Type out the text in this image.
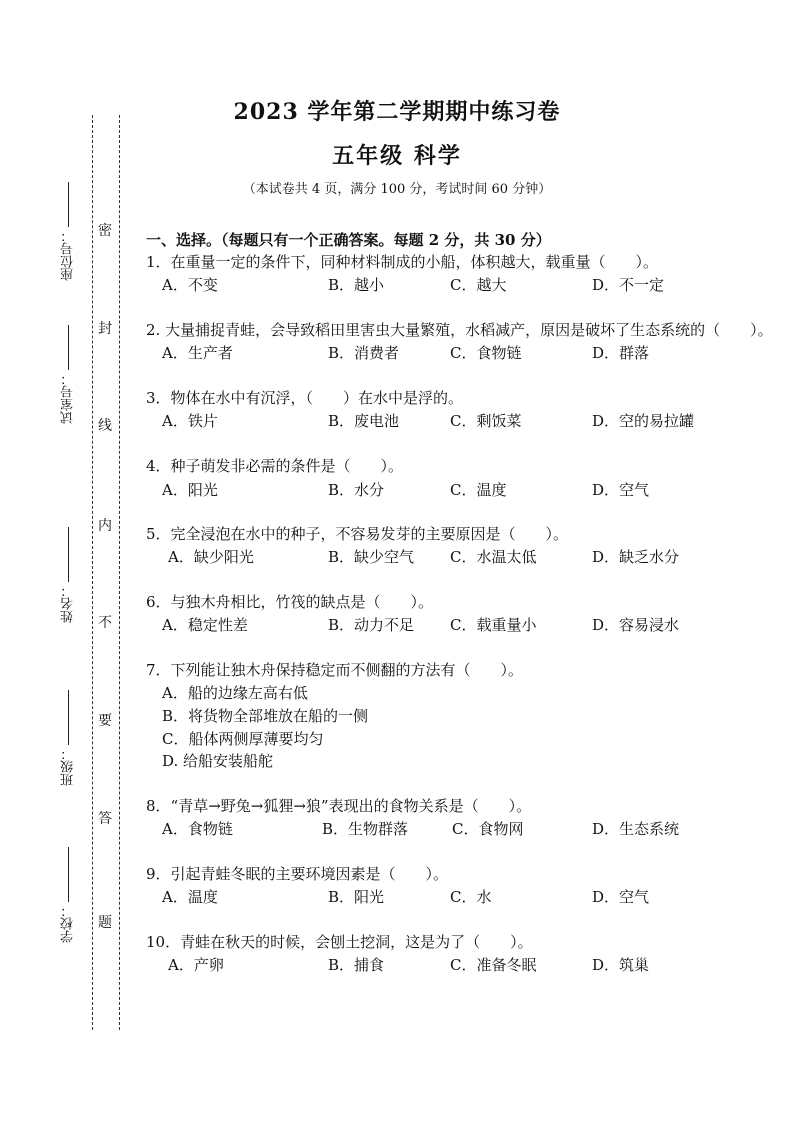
2023 学年第二学期期中练习卷
五年级 科学
（本试卷共 4 页，满分 100 分，考试时间 60 分钟）
密
封
线
内
不
要
答
题
座位号：
试室号：
姓名：
班级：
学校：
一、选择。（每题只有一个正确答案。每题 2 分，共 30 分）
1．在重量一定的条件下，同种材料制成的小船，体积越大，载重量（　　）。
A．不变	B．越小	C．越大	D．不一定
2. 大量捕捉青蛙，会导致稻田里害虫大量繁殖，水稻减产，原因是破坏了生态系统的（　　）。
A．生产者	B．消费者	C．食物链	D．群落
3．物体在水中有沉浮，（　　）在水中是浮的。
A．铁片	B．废电池	C．剩饭菜	D．空的易拉罐
4．种子萌发非必需的条件是（　　）。
A．阳光	B．水分	C．温度	D．空气
5．完全浸泡在水中的种子，不容易发芽的主要原因是（　　）。
A．缺少阳光	B．缺少空气 C．水温太低	D．缺乏水分
6．与独木舟相比，竹筏的缺点是（　　）。
A．稳定性差	B．动力不足 C．载重量小	D．容易浸水
7．下列能让独木舟保持稳定而不侧翻的方法有（　　）。
A．船的边缘左高右低
B．将货物全部堆放在船的一侧
C．船体两侧厚薄要均匀
D. 给船安装船舵
8．“青草→野兔→狐狸→狼”表现出的食物关系是（　　）。
A．食物链	B．生物群落	C．食物网	D．生态系统
9．引起青蛙冬眠的主要环境因素是（　　）。
A．温度	B．阳光	C．水	D．空气
10．青蛙在秋天的时候，会刨土挖洞，这是为了（　　）。
A．产卵	B．捕食	C．准备冬眠	D．筑巢
